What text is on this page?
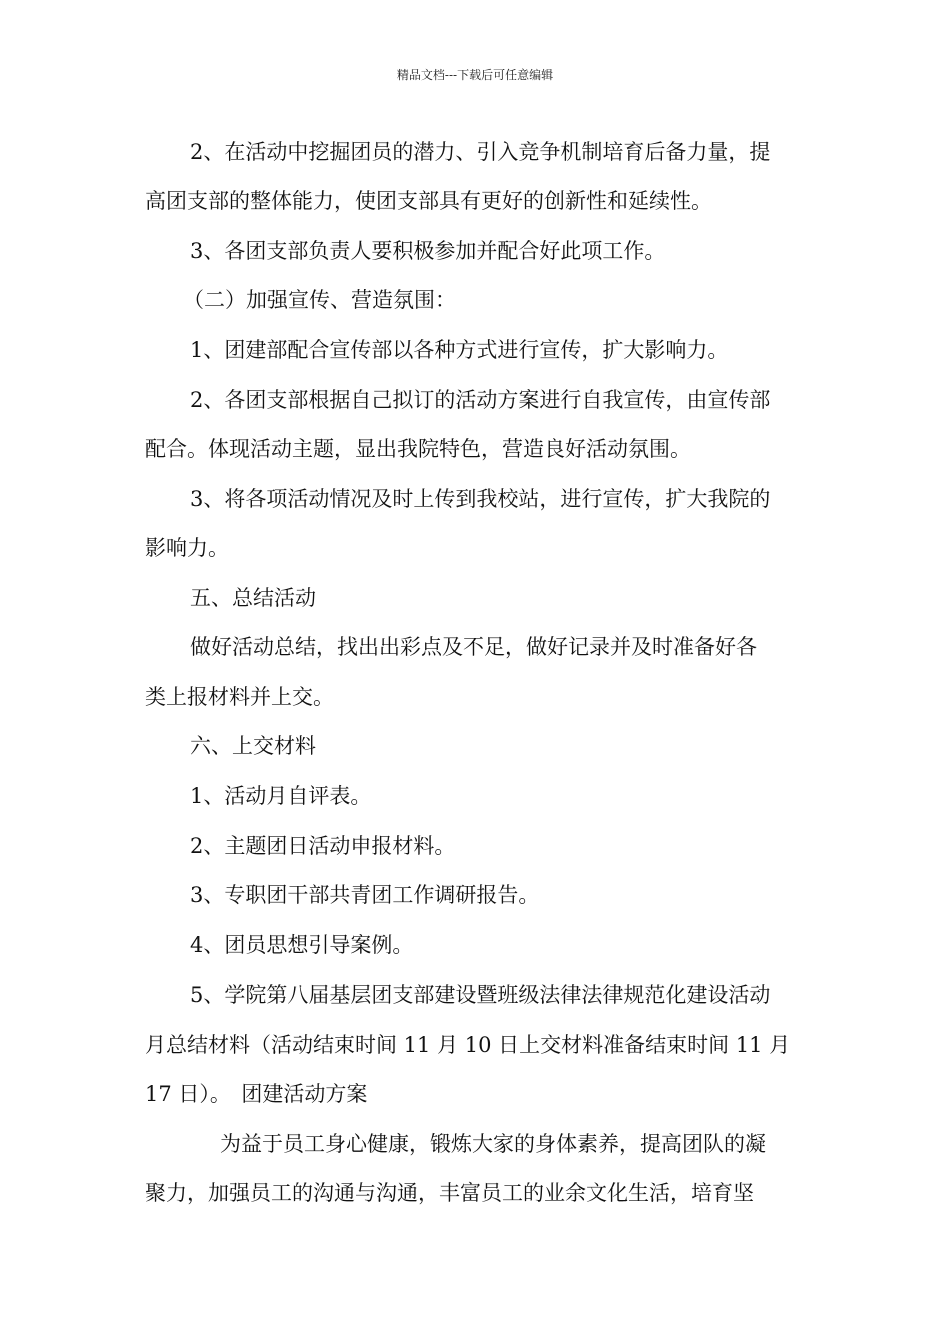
精品文档---下载后可任意编辑
2、在活动中挖掘团员的潜力、引入竞争机制培育后备力量，提
高团支部的整体能力，使团支部具有更好的创新性和延续性。
3、各团支部负责人要积极参加并配合好此项工作。
（二）加强宣传、营造氛围：
1、团建部配合宣传部以各种方式进行宣传，扩大影响力。
2、各团支部根据自己拟订的活动方案进行自我宣传，由宣传部
配合。体现活动主题，显出我院特色，营造良好活动氛围。
3、将各项活动情况及时上传到我校站，进行宣传，扩大我院的
影响力。
五、总结活动
做好活动总结，找出出彩点及不足，做好记录并及时准备好各
类上报材料并上交。
六、上交材料
1、活动月自评表。
2、主题团日活动申报材料。
3、专职团干部共青团工作调研报告。
4、团员思想引导案例。
5、学院第八届基层团支部建设暨班级法律法律规范化建设活动
月总结材料（活动结束时间 11 月 10 日上交材料准备结束时间 11 月
17 日）。　团建活动方案
为益于员工身心健康，锻炼大家的身体素养，提高团队的凝
聚力，加强员工的沟通与沟通，丰富员工的业余文化生活，培育坚
